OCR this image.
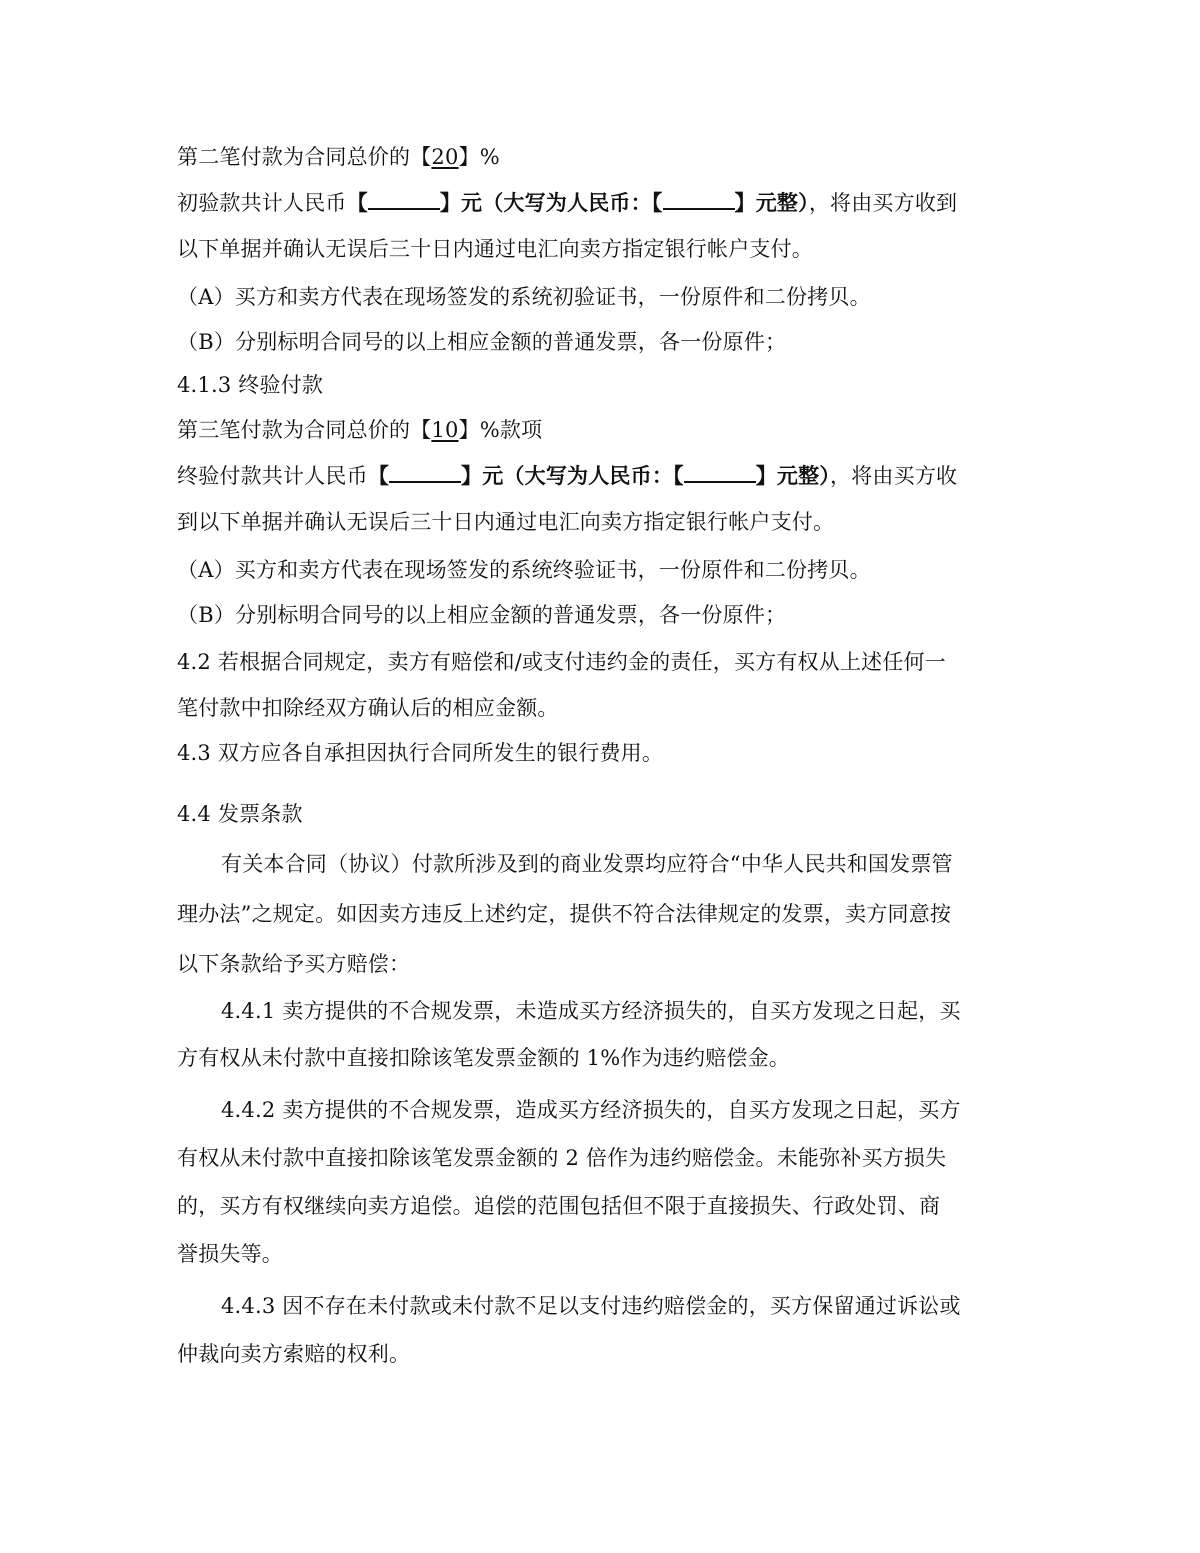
第二笔付款为合同总价的【20】%
初验款共计人民币【	】元（大写为人民币：【	】元整），将由买方收到
以下单据并确认无误后三十日内通过电汇向卖方指定银行帐户支付。
（A）买方和卖方代表在现场签发的系统初验证书，一份原件和二份拷贝。
（B）分别标明合同号的以上相应金额的普通发票，各一份原件；
4.1.3 终验付款
第三笔付款为合同总价的【10】%款项
终验付款共计人民币【	】元（大写为人民币：【	】元整），将由买方收
到以下单据并确认无误后三十日内通过电汇向卖方指定银行帐户支付。
（A）买方和卖方代表在现场签发的系统终验证书，一份原件和二份拷贝。
（B）分别标明合同号的以上相应金额的普通发票，各一份原件；
4.2 若根据合同规定，卖方有赔偿和/或支付违约金的责任，买方有权从上述任何一
笔付款中扣除经双方确认后的相应金额。
4.3 双方应各自承担因执行合同所发生的银行费用。
4.4 发票条款
有关本合同（协议）付款所涉及到的商业发票均应符合“中华人民共和国发票管
理办法”之规定。如因卖方违反上述约定，提供不符合法律规定的发票，卖方同意按
以下条款给予买方赔偿：
4.4.1 卖方提供的不合规发票，未造成买方经济损失的，自买方发现之日起，买
方有权从未付款中直接扣除该笔发票金额的 1%作为违约赔偿金。
4.4.2 卖方提供的不合规发票，造成买方经济损失的，自买方发现之日起，买方
有权从未付款中直接扣除该笔发票金额的 2 倍作为违约赔偿金。未能弥补买方损失
的，买方有权继续向卖方追偿。追偿的范围包括但不限于直接损失、行政处罚、商
誉损失等。
4.4.3 因不存在未付款或未付款不足以支付违约赔偿金的，买方保留通过诉讼或
仲裁向卖方索赔的权利。
